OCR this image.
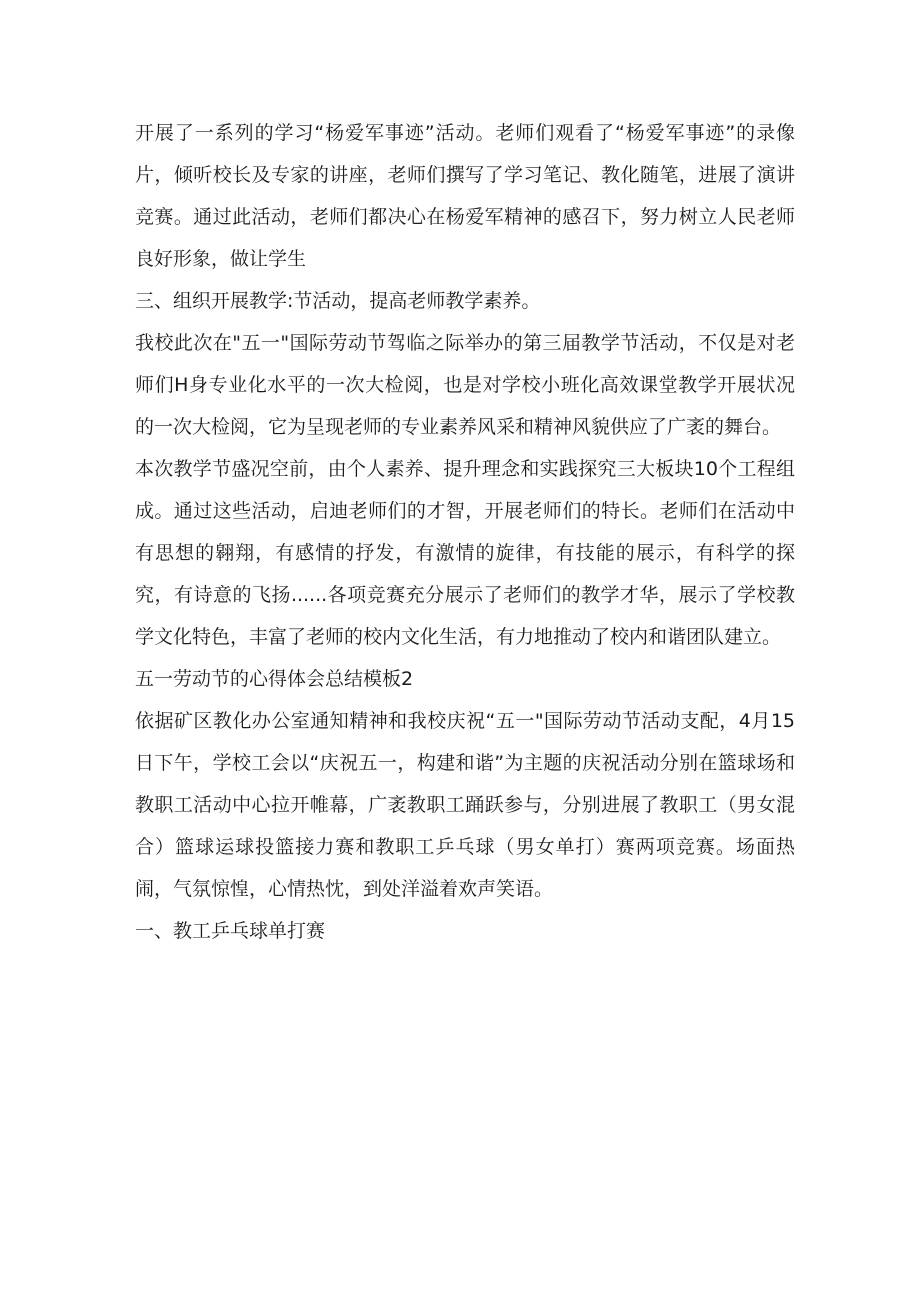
开展了一系列的学习“杨爱军事迹”活动。老师们观看了“杨爱军事迹”的录像片，倾听校长及专家的讲座，老师们撰写了学习笔记、教化随笔，进展了演讲竞赛。通过此活动，老师们都决心在杨爱军精神的感召下，努力树立人民老师良好形象，做让学生

三、组织开展教学:节活动，提高老师教学素养。

我校此次在"五一"国际劳动节驾临之际举办的第三届教学节活动，不仅是对老师们H身专业化水平的一次大检阅，也是对学校小班化高效课堂教学开展状况的一次大检阅，它为呈现老师的专业素养风采和精神风貌供应了广袤的舞台。

本次教学节盛况空前，由个人素养、提升理念和实践探究三大板块10个工程组成。通过这些活动，启迪老师们的才智，开展老师们的特长。老师们在活动中有思想的翱翔，有感情的抒发，有激情的旋律，有技能的展示，有科学的探究，有诗意的飞扬......各项竞赛充分展示了老师们的教学才华，展示了学校教学文化特色，丰富了老师的校内文化生活，有力地推动了校内和谐团队建立。

五一劳动节的心得体会总结模板2

依据矿区教化办公室通知精神和我校庆祝“五一"国际劳动节活动支配，4月15日下午，学校工会以“庆祝五一，构建和谐”为主题的庆祝活动分别在篮球场和教职工活动中心拉开帷幕，广袤教职工踊跃参与，分别进展了教职工（男女混合）篮球运球投篮接力赛和教职工乒乓球（男女单打）赛两项竞赛。场面热闹，气氛惊惶，心情热忱，到处洋溢着欢声笑语。

一、教工乒乓球单打赛
